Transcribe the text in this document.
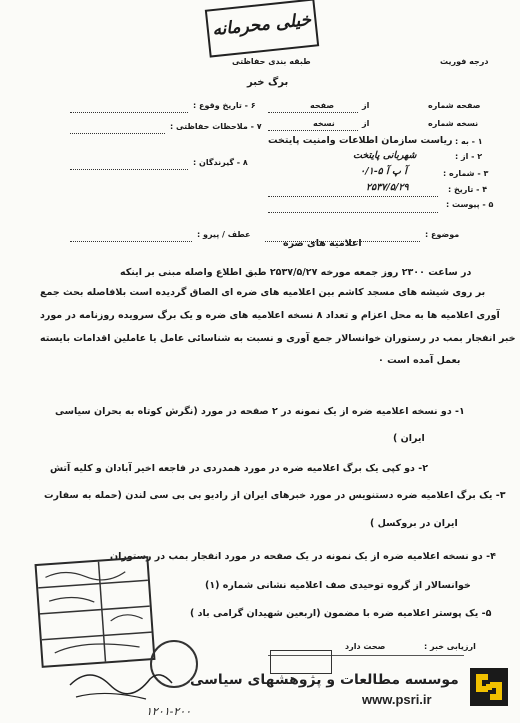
خیلی محرمانه
طبقه بندی حفاظتی	درجه فوریت
برگ خبر
صفحه شماره
از
صفحه
نسخه شماره
از
نسخه
۱ - به :
ریاست سازمان اطلاعات وامنیت پایتخت
۲ - از :
شهربانی پایتخت
۳ - شماره :
آ پ آ ۵-۰/۱
۴ - تاریخ :
۲۵۳۷/۵/۲۹
۵ - پیوست :
۶ - تاریخ وقوع :
۷ - ملاحظات حفاظتی :
۸ - گیرندگان :
موضوع :
عطف / پیرو :
اعلامیه های ضره
در ساعت ۲۳۰۰ روز جمعه مورخه ۲۵۳۷/۵/۲۷ طبق اطلاع واصله مبنی بر اینکه
بر روی شیشه های مسجد کاشم بین اعلامیه های ضره ای الصاق گردیده است بلافاصله بحث جمع
آوری اعلامیه ها به محل اعزام و تعداد ۸ نسخه اعلامیه های ضره و یک برگ سرویده روزنامه در مورد
خبر انفجار بمب در رستوران خوانسالار جمع آوری و نسبت به شناسائی عامل یا عاملین اقدامات بایسته
بعمل آمده است ۰
۱- دو نسخه اعلامیه ضره از یک نمونه در ۲ صفحه در مورد (نگرش کوتاه به بحران سیاسی
ایران )
۲- دو کپی یک برگ اعلامیه ضره در مورد همدردی در فاجعه اخیر آبادان و کلیه آتش
۳- یک برگ اعلامیه ضره دستنویس در مورد خبرهای ایران از رادیو بی بی سی لندن (حمله به سفارت
ایران در بروکسل )
۴- دو نسخه اعلامیه ضره از یک نمونه در یک صفحه در مورد انفجار بمب در رستوران
خوانسالار از گروه توحیدی صف اعلامیه نشانی شماره (۱)
۵- یک پوستر اعلامیه ضره با مضمون (اربعین شهیدان گرامی باد )
ارزیابی خبر :
صحت دارد
۱۲۰۱-۲۰۰
موسسه مطالعات و پژوهشهای سیاسی
www.psri.ir
